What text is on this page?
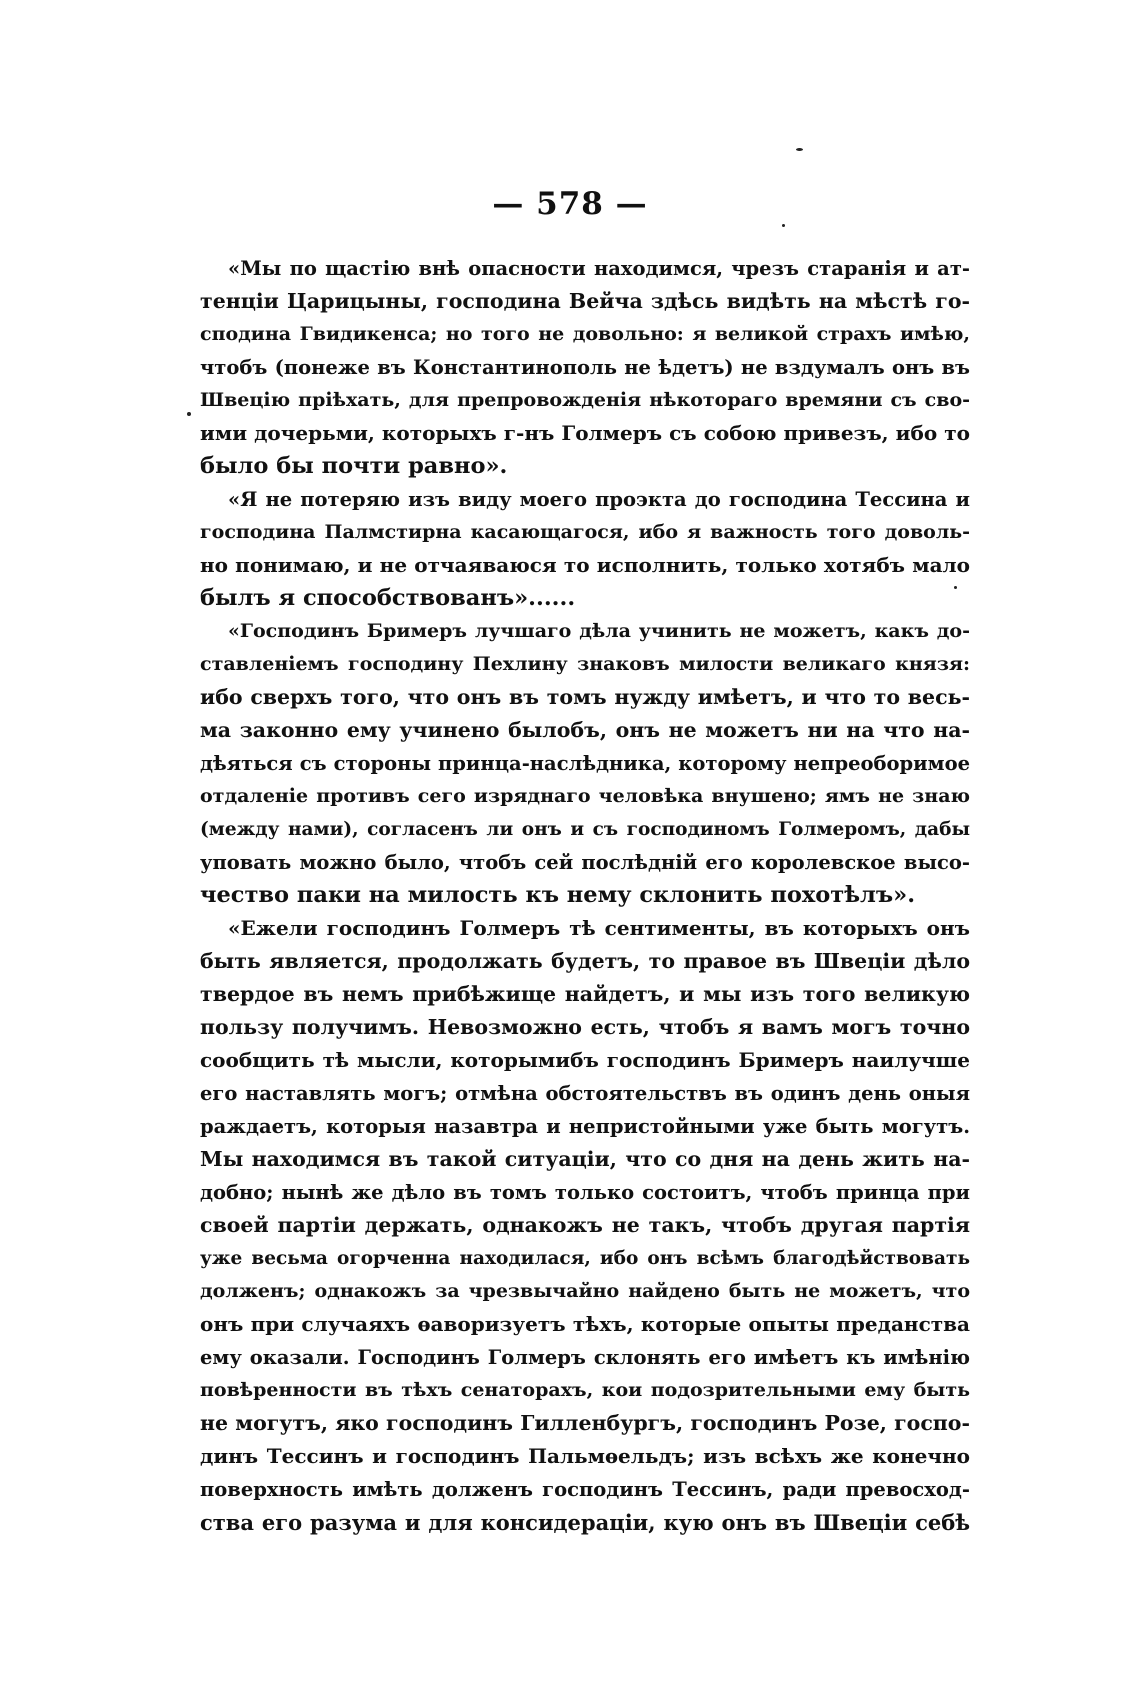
— 578 —

«Мы по щастію внѣ опасности находимся, чрезъ старанія и ат-
тенціи Царицыны, господина Вейча здѣсь видѣть на мѣстѣ го-
сподина Гвидикенса; но того не довольно: я великой страхъ имѣю,
чтобъ (понеже въ Константинополь не ѣдетъ) не вздумалъ онъ въ
Швецію пріѣхать, для препровожденія нѣкотораго времяни съ сво-
ими дочерьми, которыхъ г-нъ Голмеръ съ собою привезъ, ибо то
было бы почти равно».

«Я не потеряю изъ виду моего проэкта до господина Тессина и
господина Палмстирна касающагося, ибо я важность того доволь-
но понимаю, и не отчаяваюся то исполнить, только хотябъ мало
былъ я способствованъ»......

«Господинъ Бримеръ лучшаго дѣла учинить не можетъ, какъ до-
ставленіемъ господину Пехлину знаковъ милости великаго князя:
ибо сверхъ того, что онъ въ томъ нужду имѣетъ, и что то весь-
ма законно ему учинено былобъ, онъ не можетъ ни на что на-
дѣяться съ стороны принца-наслѣдника, которому непреоборимое
отдаленіе противъ сего изряднаго человѣка внушено; ямъ не знаю
(между нами), согласенъ ли онъ и съ господиномъ Голмеромъ, дабы
уповать можно было, чтобъ сей послѣдній его королевское высо-
чество паки на милость къ нему склонить похотѣлъ».

«Ежели господинъ Голмеръ тѣ сентименты, въ которыхъ онъ
быть является, продолжать будетъ, то правое въ Швеціи дѣло
твердое въ немъ прибѣжище найдетъ, и мы изъ того великую
пользу получимъ. Невозможно есть, чтобъ я вамъ могъ точно
сообщить тѣ мысли, которымибъ господинъ Бримеръ наилучше
его наставлять могъ; отмѣна обстоятельствъ въ одинъ день оныя
раждаетъ, которыя назавтра и непристойными уже быть могутъ.
Мы находимся въ такой ситуаціи, что со дня на день жить на-
добно; нынѣ же дѣло въ томъ только состоитъ, чтобъ принца при
своей партіи держать, однакожъ не такъ, чтобъ другая партія
уже весьма огорченна находилася, ибо онъ всѣмъ благодѣйствовать
долженъ; однакожъ за чрезвычайно найдено быть не можетъ, что
онъ при случаяхъ ѳаворизуетъ тѣхъ, которые опыты преданства
ему оказали. Господинъ Голмеръ склонять его имѣетъ къ имѣнію
повѣренности въ тѣхъ сенаторахъ, кои подозрительными ему быть
не могутъ, яко господинъ Гилленбургъ, господинъ Розе, госпо-
динъ Тессинъ и господинъ Пальмѳельдъ; изъ всѣхъ же конечно
поверхность имѣть долженъ господинъ Тессинъ, ради превосход-
ства его разума и для консидераціи, кую онъ въ Швеціи себѣ
